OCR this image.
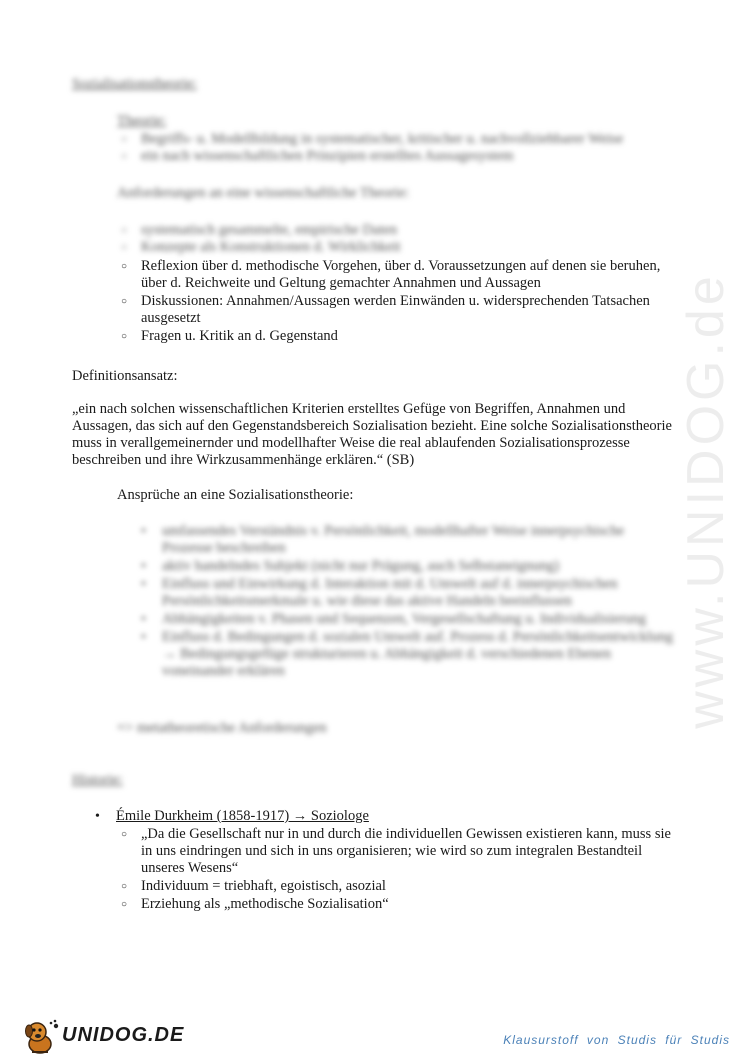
Sozialisationstheorie:
Theorie:
○ Begriffs- u. Modellbildung in systematischer, kritischer u. nachvollziehbarer Weise
○ ein nach wissenschaftlichen Prinzipien erstelltes Aussagesystem
Anforderungen an eine wissenschaftliche Theorie:
○ systematisch gesammelte, empirische Daten
○ Konzepte als Konstruktionen d. Wirklichkeit
○ Reflexion über d. methodische Vorgehen, über d. Voraussetzungen auf denen sie beruhen, über d. Reichweite und Geltung gemachter Annahmen und Aussagen
○ Diskussionen: Annahmen/Aussagen werden Einwänden u. widersprechenden Tatsachen ausgesetzt
○ Fragen u. Kritik an d. Gegenstand

Definitionsansatz:

„ein nach solchen wissenschaftlichen Kriterien erstelltes Gefüge von Begriffen, Annahmen und Aussagen, das sich auf den Gegenstandsbereich Sozialisation bezieht. Eine solche Sozialisationstheorie muss in verallgemeinernder und modellhafter Weise die real ablaufenden Sozialisationsprozesse beschreiben und ihre Wirkzusammenhänge erklären.“ (SB)

Ansprüche an eine Sozialisationstheorie:

• umfassendes Verständnis v. Persönlichkeit, modellhafter Weise innerpsychische Prozesse beschreiben
• aktiv handelndes Subjekt (nicht nur Prägung, auch Selbstaneignung)
• Einfluss und Einwirkung d. Interaktion mit d. Umwelt auf d. innerpsychischen Persönlichkeitsmerkmale u. wie diese das aktive Handeln beeinflussen
• Abhängigkeiten v. Phasen und Sequenzen, Vergesellschaftung u. Individualisierung
• Einfluss d. Bedingungen d. sozialen Umwelt auf. Prozess d. Persönlichkeitsentwicklung → Bedingungsgefüge strukturieren u. Abhängigkeit d. verschiedenen Ebenen voneinander erklären

=> metatheoretische Anforderungen

Historie:

• Émile Durkheim (1858-1917) → Soziologe
○ „Da die Gesellschaft nur in und durch die individuellen Gewissen existieren kann, muss sie in uns eindringen und sich in uns organisieren; wie wird so zum integralen Bestandteil unseres Wesens“
○ Individuum = triebhaft, egoistisch, asozial
○ Erziehung als „methodische Sozialisation“
www.UNIDOG.de
UNIDOG.DE	Klausurstoff von Studis für Studis
